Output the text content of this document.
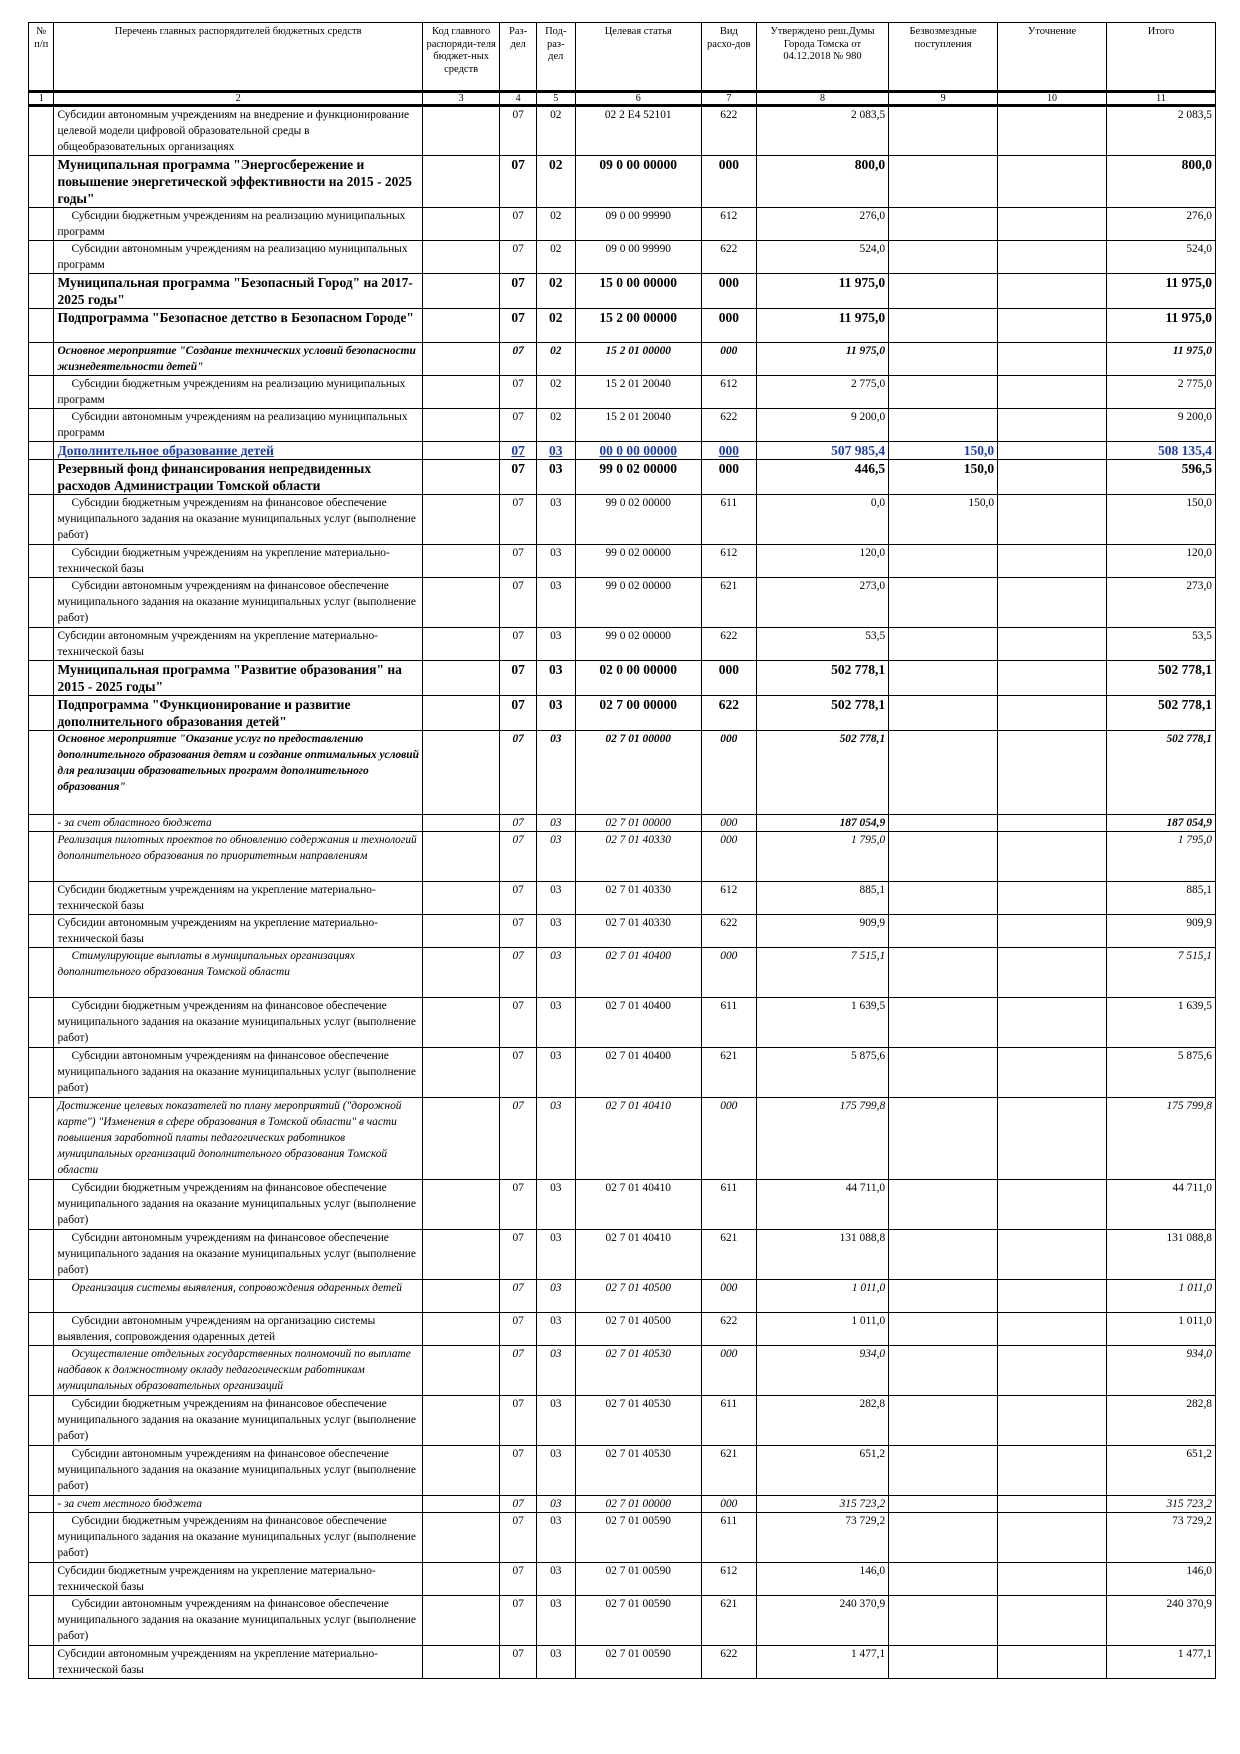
№ п/п	Перечень главных распорядителей бюджетных средств	Код главного распоряди-теля бюджет-ных средств	Раз-дел	Под-раз-дел	Целевая статья	Вид расхо-дов	Утверждено реш.Думы Города Томска от 04.12.2018 № 980	Безвозмездные поступления	Уточнение	Итого
1	2	3	4	5	6	7	8	9	10	11
	Субсидии автономным учреждениям на внедрение и функционирование целевой модели цифровой образовательной среды в общеобразовательных организациях		07	02	02 2 E4 52101	622	2 083,5			2 083,5
	Муниципальная программа "Энергосбережение и повышение энергетической эффективности на 2015 - 2025 годы"		07	02	09 0 00 00000	000	800,0			800,0
	Субсидии бюджетным учреждениям на реализацию муниципальных программ		07	02	09 0 00 99990	612	276,0			276,0
	Субсидии автономным учреждениям на реализацию муниципальных программ		07	02	09 0 00 99990	622	524,0			524,0
	Муниципальная программа "Безопасный Город" на 2017- 2025 годы"		07	02	15 0 00 00000	000	11 975,0			11 975,0
	Подпрограмма "Безопасное детство в Безопасном Городе"		07	02	15 2 00 00000	000	11 975,0			11 975,0
	Основное мероприятие "Создание технических условий безопасности жизнедеятельности детей"		07	02	15 2 01 00000	000	11 975,0			11 975,0
	Субсидии бюджетным учреждениям на реализацию муниципальных программ		07	02	15 2 01 20040	612	2 775,0			2 775,0
	Субсидии автономным учреждениям на реализацию муниципальных программ		07	02	15 2 01 20040	622	9 200,0			9 200,0
	Дополнительное образование детей		07	03	00 0 00 00000	000	507 985,4	150,0		508 135,4
	Резервный фонд финансирования непредвиденных расходов Администрации Томской области		07	03	99 0 02 00000	000	446,5	150,0		596,5
	Субсидии бюджетным учреждениям на финансовое обеспечение муниципального задания на оказание муниципальных услуг (выполнение работ)		07	03	99 0 02 00000	611	0,0	150,0		150,0
	Субсидии бюджетным учреждениям на укрепление материально-технической базы		07	03	99 0 02 00000	612	120,0			120,0
	Субсидии автономным учреждениям на финансовое обеспечение муниципального задания на оказание муниципальных услуг (выполнение работ)		07	03	99 0 02 00000	621	273,0			273,0
	Субсидии автономным учреждениям на укрепление материально-технической базы		07	03	99 0 02 00000	622	53,5			53,5
	Муниципальная программа "Развитие образования" на 2015 - 2025 годы"		07	03	02 0 00 00000	000	502 778,1			502 778,1
	Подпрограмма "Функционирование и развитие дополнительного образования детей"		07	03	02 7 00 00000	622	502 778,1			502 778,1
	Основное мероприятие "Оказание услуг по предоставлению дополнительного образования детям и создание оптимальных условий для реализации образовательных программ дополнительного образования"		07	03	02 7 01 00000	000	502 778,1			502 778,1
	- за счет областного бюджета		07	03	02 7 01 00000	000	187 054,9			187 054,9
	Реализация пилотных проектов по обновлению содержания и технологий дополнительного образования по приоритетным направлениям		07	03	02 7 01 40330	000	1 795,0			1 795,0
	Субсидии бюджетным учреждениям на укрепление материально-технической базы		07	03	02 7 01 40330	612	885,1			885,1
	Субсидии автономным учреждениям на укрепление материально-технической базы		07	03	02 7 01 40330	622	909,9			909,9
	Стимулирующие выплаты в муниципальных организациях дополнительного образования Томской области		07	03	02 7 01 40400	000	7 515,1			7 515,1
	Субсидии бюджетным учреждениям на финансовое обеспечение муниципального задания на оказание муниципальных услуг (выполнение работ)		07	03	02 7 01 40400	611	1 639,5			1 639,5
	Субсидии автономным учреждениям на финансовое обеспечение муниципального задания на оказание муниципальных услуг (выполнение работ)		07	03	02 7 01 40400	621	5 875,6			5 875,6
	Достижение целевых показателей по плану мероприятий ("дорожной карте") "Изменения в сфере образования в Томской области" в части повышения заработной платы педагогических работников муниципальных организаций дополнительного образования Томской области		07	03	02 7 01 40410	000	175 799,8			175 799,8
	Субсидии бюджетным учреждениям на финансовое обеспечение муниципального задания на оказание муниципальных услуг (выполнение работ)		07	03	02 7 01 40410	611	44 711,0			44 711,0
	Субсидии автономным учреждениям на финансовое обеспечение муниципального задания на оказание муниципальных услуг (выполнение работ)		07	03	02 7 01 40410	621	131 088,8			131 088,8
	Организация системы выявления, сопровождения одаренных детей		07	03	02 7 01 40500	000	1 011,0			1 011,0
	Субсидии автономным учреждениям на организацию системы выявления, сопровождения одаренных детей		07	03	02 7 01 40500	622	1 011,0			1 011,0
	Осуществление отдельных государственных полномочий по выплате надбавок к должностному окладу педагогическим работникам муниципальных образовательных организаций		07	03	02 7 01 40530	000	934,0			934,0
	Субсидии бюджетным учреждениям на финансовое обеспечение муниципального задания на оказание муниципальных услуг (выполнение работ)		07	03	02 7 01 40530	611	282,8			282,8
	Субсидии автономным учреждениям на финансовое обеспечение муниципального задания на оказание муниципальных услуг (выполнение работ)		07	03	02 7 01 40530	621	651,2			651,2
	- за счет местного бюджета		07	03	02 7 01 00000	000	315 723,2			315 723,2
	Субсидии бюджетным учреждениям на финансовое обеспечение муниципального задания на оказание муниципальных услуг (выполнение работ)		07	03	02 7 01 00590	611	73 729,2			73 729,2
	Субсидии бюджетным учреждениям на укрепление материально-технической базы		07	03	02 7 01 00590	612	146,0			146,0
	Субсидии автономным учреждениям на финансовое обеспечение муниципального задания на оказание муниципальных услуг (выполнение работ)		07	03	02 7 01 00590	621	240 370,9			240 370,9
	Субсидии автономным учреждениям на укрепление материально-технической базы		07	03	02 7 01 00590	622	1 477,1			1 477,1
